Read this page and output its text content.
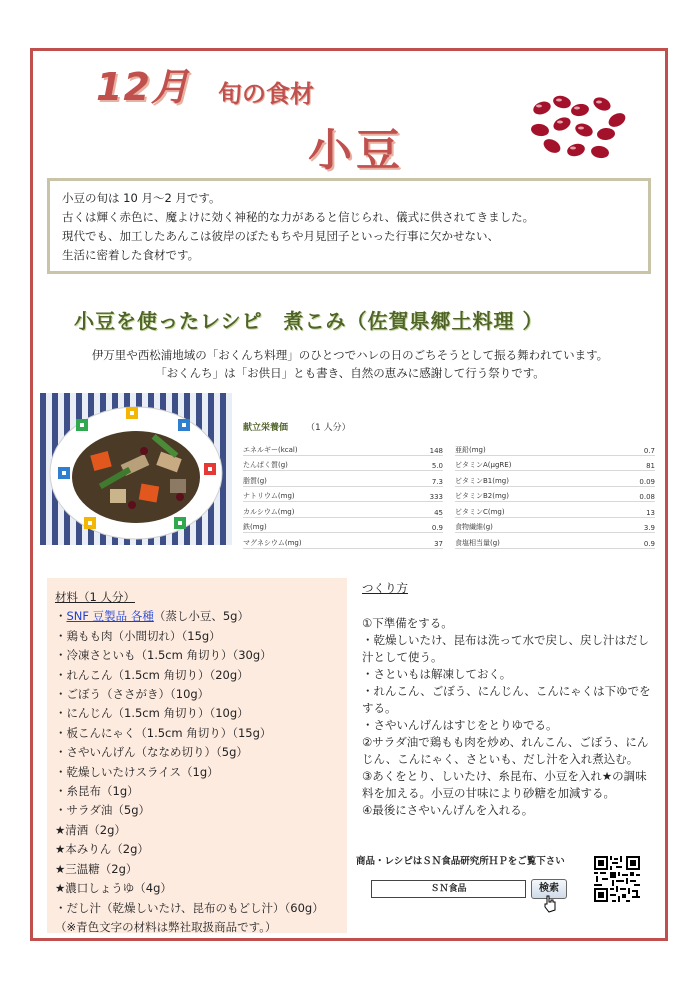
12月 旬の食材
小豆

小豆の旬は 10 月～2 月です。

古くは輝く赤色に、魔よけに効く神秘的な力があると信じられ、儀式に供されてきました。

現代でも、加工したあんこは彼岸のぼたもちや月見団子といった行事に欠かせない、

生活に密着した食材です。

小豆を使ったレシピ　煮こみ（佐賀県郷土料理 ）

伊万里や西松浦地域の「おくんち料理」のひとつでハレの日のごちそうとして振る舞われています。

「おくんち」は「お供日」とも書き、自然の恵みに感謝して行う祭りです。

献立栄養価 （1 人分）
エネルギー(kcal)	148
たんぱく質(g)	5.0
脂質(g)	7.3
ナトリウム(mg)	333
カルシウム(mg)	45
鉄(mg)	0.9
マグネシウム(mg)	37
亜鉛(mg)	0.7
ビタミンA(μgRE)	81
ビタミンB1(mg)	0.09
ビタミンB2(mg)	0.08
ビタミンC(mg)	13
食物繊維(g)	3.9
食塩相当量(g)	0.9

材料（1 人分）

・SNF 豆製品 各種（蒸し小豆、5g）

・鶏もも肉（小間切れ）（15g）

・冷凍さといも（1.5cm 角切り）（30g）

・れんこん（1.5cm 角切り）（20g）

・ごぼう（ささがき）（10g）

・にんじん（1.5cm 角切り）（10g）

・板こんにゃく（1.5cm 角切り）（15g）

・さやいんげん（ななめ切り）（5g）

・乾燥しいたけスライス（1g）

・糸昆布（1g）

・サラダ油（5g）

★清酒（2g）

★本みりん（2g）

★三温糖（2g）

★濃口しょうゆ（4g）

・だし汁（乾燥しいたけ、昆布のもどし汁）（60g）

（※青色文字の材料は弊社取扱商品です。）

つくり方

①下準備をする。

・乾燥しいたけ、昆布は洗って水で戻し、戻し汁はだし汁として使う。

・さといもは解凍しておく。

・れんこん、ごぼう、にんじん、こんにゃくは下ゆでをする。

・さやいんげんはすじをとりゆでる。

②サラダ油で鶏もも肉を炒め、れんこん、ごぼう、にんじん、こんにゃく、さといも、だし汁を入れ煮込む。

③あくをとり、しいたけ、糸昆布、小豆を入れ★の調味料を加える。小豆の甘味により砂糖を加減する。

④最後にさやいんげんを入れる。

商品・レシピはＳＮ食品研究所ＨＰをご覧下さい
ＳＮ食品	検索
